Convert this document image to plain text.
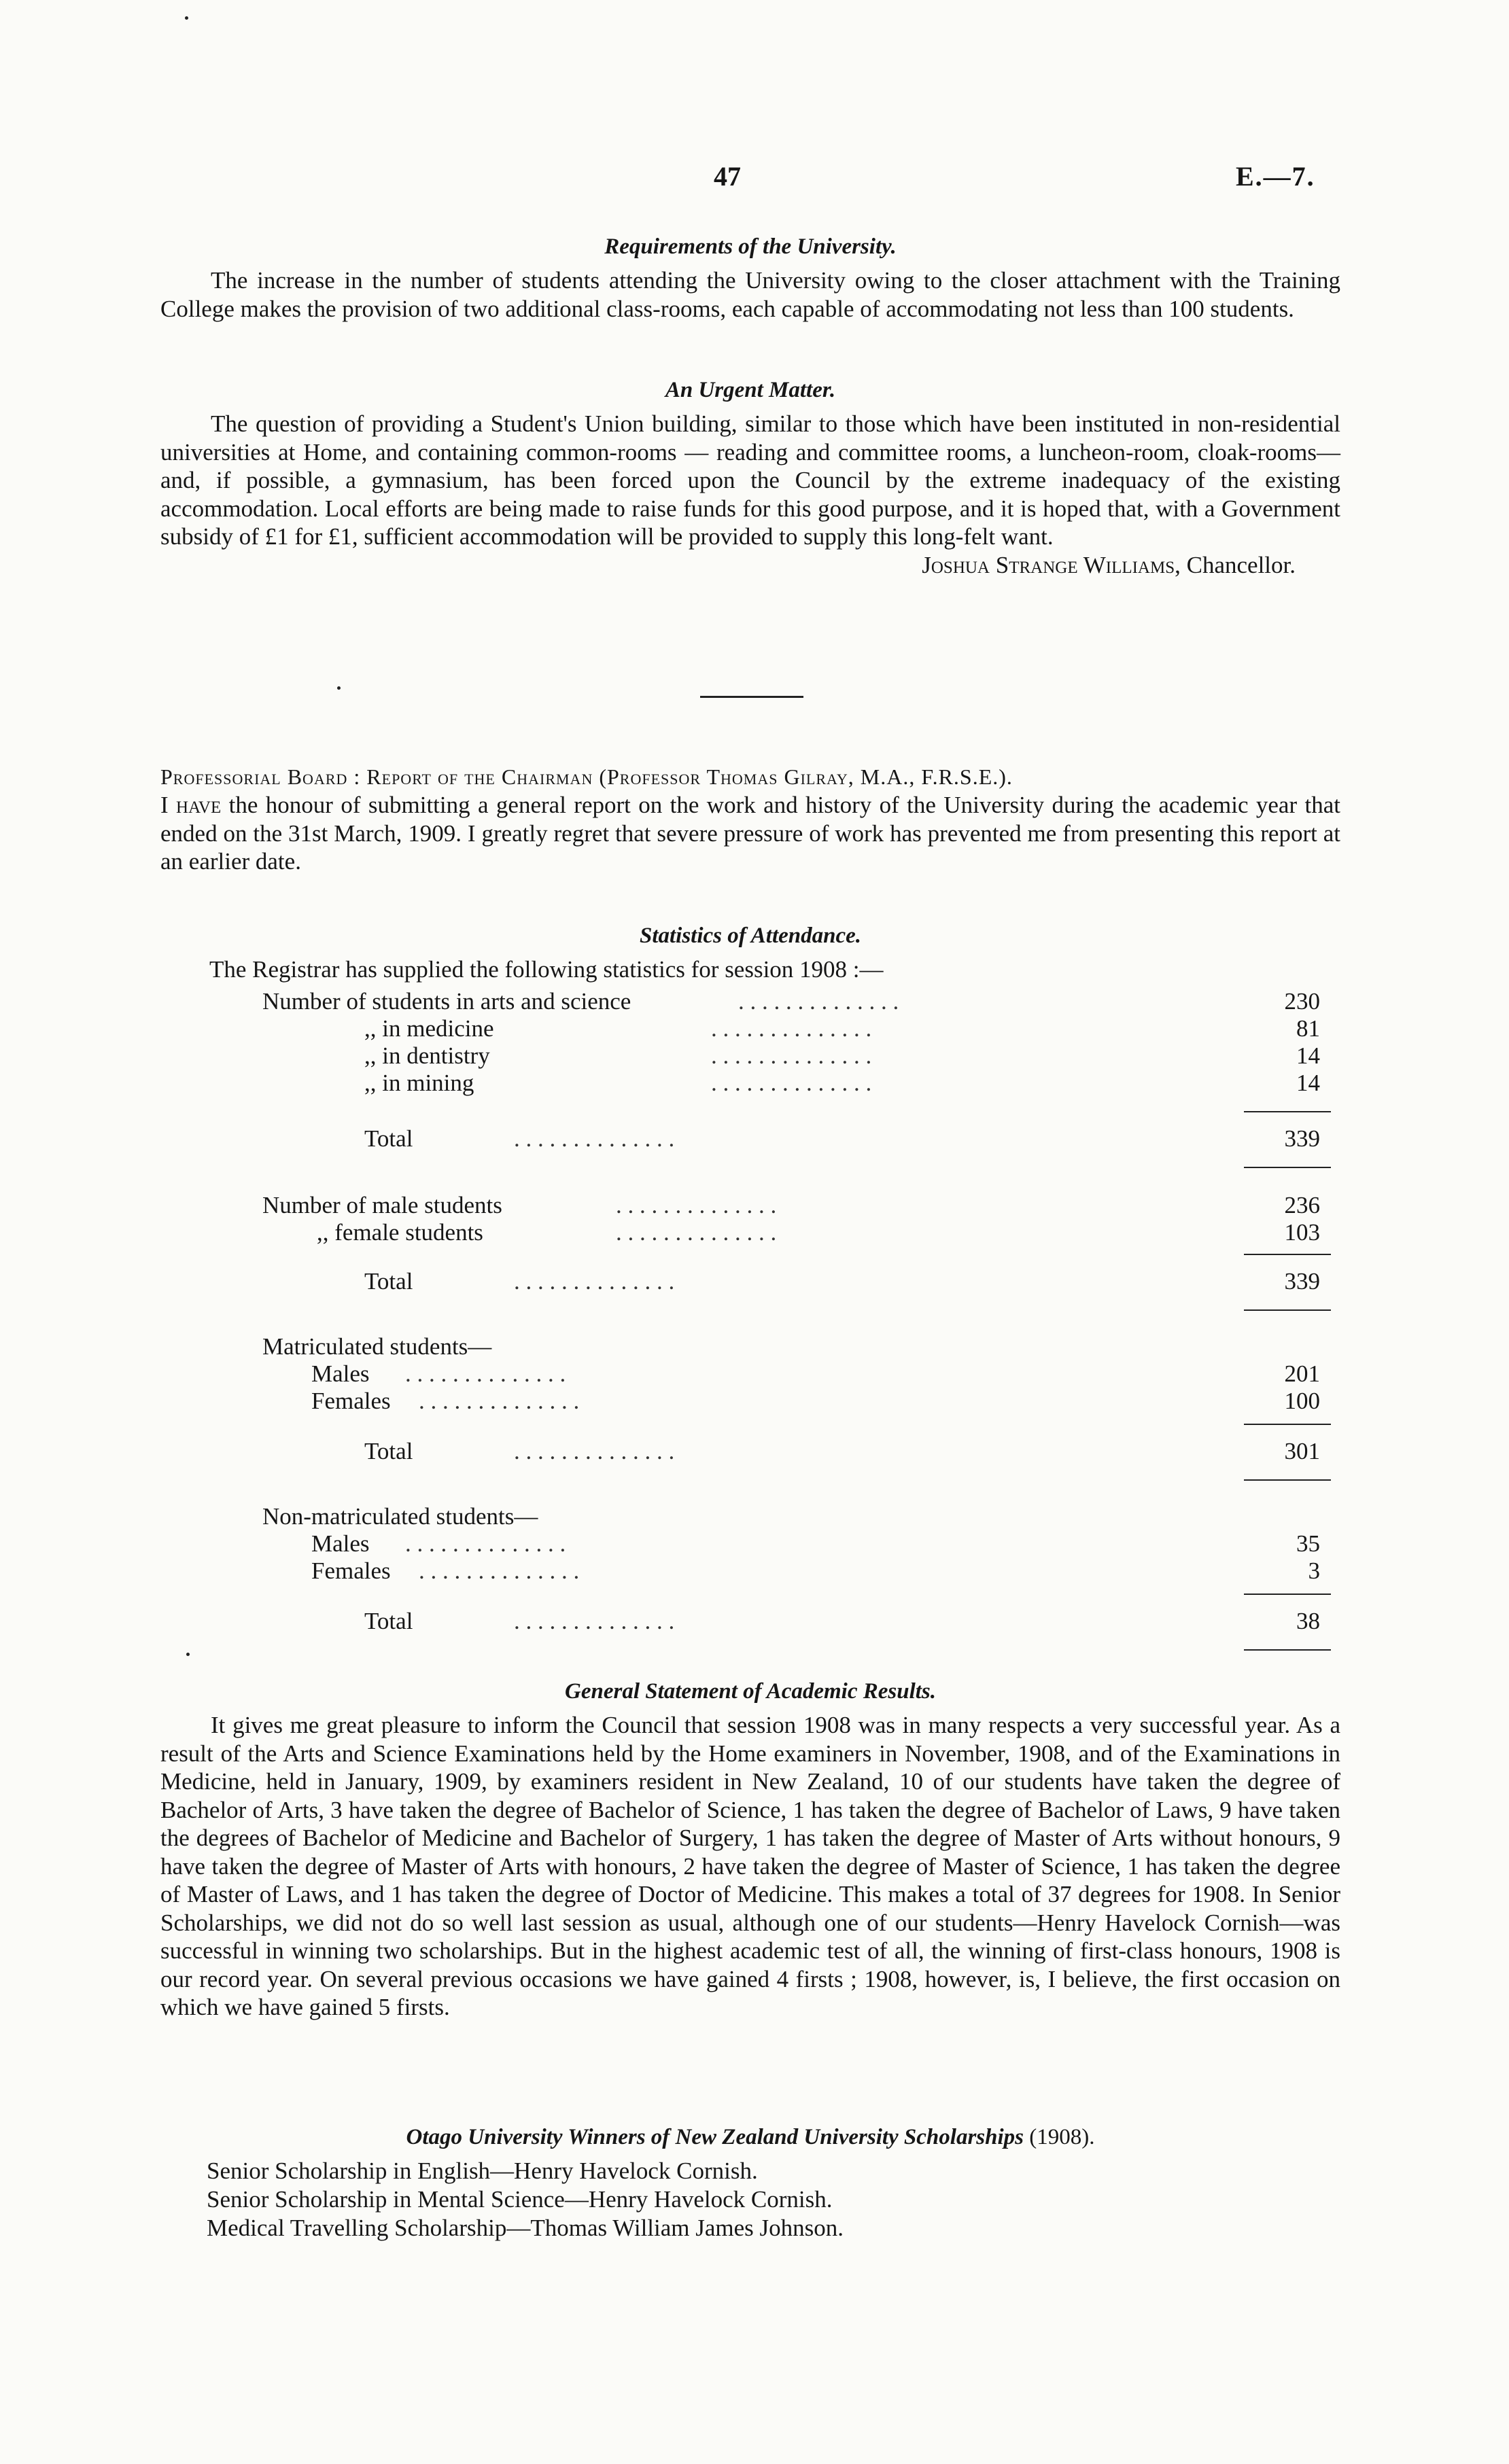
47	E.—7.

Requirements of the University.

The increase in the number of students attending the University owing to the closer attachment with the Training College makes the provision of two additional class-rooms, each capable of accommodating not less than 100 students.

An Urgent Matter.

The question of providing a Student's Union building, similar to those which have been instituted in non-residential universities at Home, and containing common-rooms — reading and committee rooms, a luncheon-room, cloak-rooms—and, if possible, a gymnasium, has been forced upon the Council by the extreme inadequacy of the existing accommodation. Local efforts are being made to raise funds for this good purpose, and it is hoped that, with a Government subsidy of £1 for £1, sufficient accommodation will be provided to supply this long-felt want.

Joshua Strange Williams, Chancellor.

Professorial Board : Report of the Chairman (Professor Thomas Gilray, M.A., F.R.S.E.).

I have the honour of submitting a general report on the work and history of the University during the academic year that ended on the 31st March, 1909. I greatly regret that severe pressure of work has prevented me from presenting this report at an earlier date.

Statistics of Attendance.

The Registrar has supplied the following statistics for session 1908 :—

Number of students in arts and science	. . . . . . . . . . . . . .	230
,, in medicine	. . . . . . . . . . . . . .	81
,, in dentistry	. . . . . . . . . . . . . .	14
,, in mining	. . . . . . . . . . . . . .	14
Total	. . . . . . . . . . . . . .	339
Number of male students	. . . . . . . . . . . . . .	236
,, female students	. . . . . . . . . . . . . .	103
Total	. . . . . . . . . . . . . .	339
Matriculated students—
Males . . . . . . . . . . . . . .	201
Females . . . . . . . . . . . . . .	100
Total	. . . . . . . . . . . . . .	301
Non-matriculated students—
Males . . . . . . . . . . . . . .	35
Females . . . . . . . . . . . . . .	3
Total	. . . . . . . . . . . . . .	38

General Statement of Academic Results.

It gives me great pleasure to inform the Council that session 1908 was in many respects a very successful year. As a result of the Arts and Science Examinations held by the Home examiners in November, 1908, and of the Examinations in Medicine, held in January, 1909, by examiners resident in New Zealand, 10 of our students have taken the degree of Bachelor of Arts, 3 have taken the degree of Bachelor of Science, 1 has taken the degree of Bachelor of Laws, 9 have taken the degrees of Bachelor of Medicine and Bachelor of Surgery, 1 has taken the degree of Master of Arts without honours, 9 have taken the degree of Master of Arts with honours, 2 have taken the degree of Master of Science, 1 has taken the degree of Master of Laws, and 1 has taken the degree of Doctor of Medicine. This makes a total of 37 degrees for 1908. In Senior Scholarships, we did not do so well last session as usual, although one of our students—Henry Havelock Cornish—was successful in winning two scholarships. But in the highest academic test of all, the winning of first-class honours, 1908 is our record year. On several previous occasions we have gained 4 firsts ; 1908, however, is, I believe, the first occasion on which we have gained 5 firsts.

Otago University Winners of New Zealand University Scholarships (1908).

Senior Scholarship in English—Henry Havelock Cornish.

Senior Scholarship in Mental Science—Henry Havelock Cornish.

Medical Travelling Scholarship—Thomas William James Johnson.
